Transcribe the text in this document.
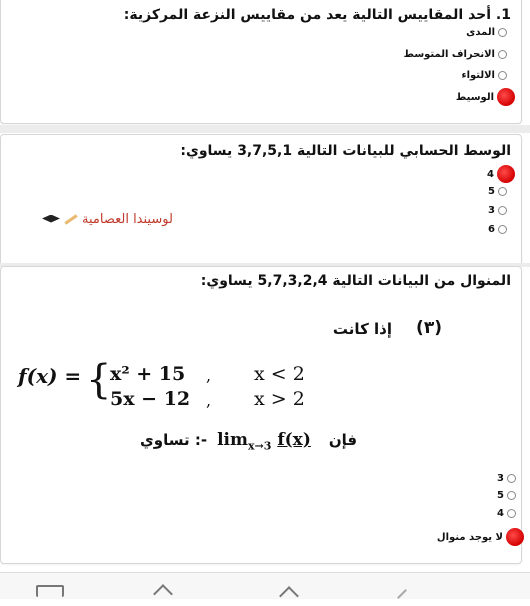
1. أحد المقاييس التالية يعد من مقاييس النزعة المركزية:
المدى
الانحراف المتوسط
الالتواء
الوسيط
الوسط الحسابي للبيانات التالية 3,7,5,1 يساوي:
4
5
3
6
لوسيندا العصامية
المنوال من البيانات التالية 5,7,3,2,4 يساوي:
(٣)
إذا كانت
f(x) = {
x² + 15
5x − 12
,
,
x < 2
x > 2
تساوي :- $\lim_{x\to 3} f(x)$ فإن
3
5
4
لا يوجد منوال
